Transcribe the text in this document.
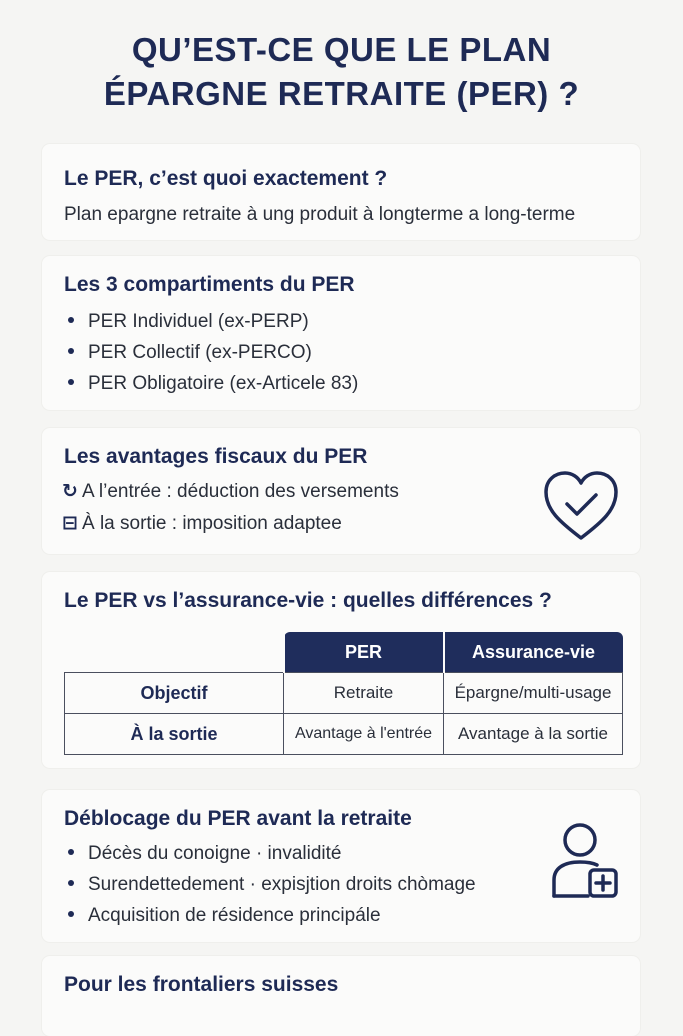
QU’EST-CE QUE LE PLAN
ÉPARGNE RETRAITE (PER) ?
Le PER, c’est quoi exactement ?
Plan epargne retraite à ung produit à longterme a long-terme
Les 3 compartiments du PER
PER Individuel (ex-PERP)
PER Collectif (ex-PERCO)
PER Obligatoire (ex-Articele 83)
Les avantages fiscaux du PER
↻ A l’entrée : déduction des versements
⊟ À la sortie : imposition adaptee
Le PER vs l’assurance-vie : quelles différences ?
	PER	Assurance-vie
Objectif	Retraite	Épargne/multi-usage
À la sortie	Avantage à l'entrée	Avantage à la sortie
Déblocage du PER avant la retraite
Décès du conoigne · invalidité
Surendettedement · expisjtion droits chòmage
Acquisition de résidence principále
Pour les frontaliers suisses
